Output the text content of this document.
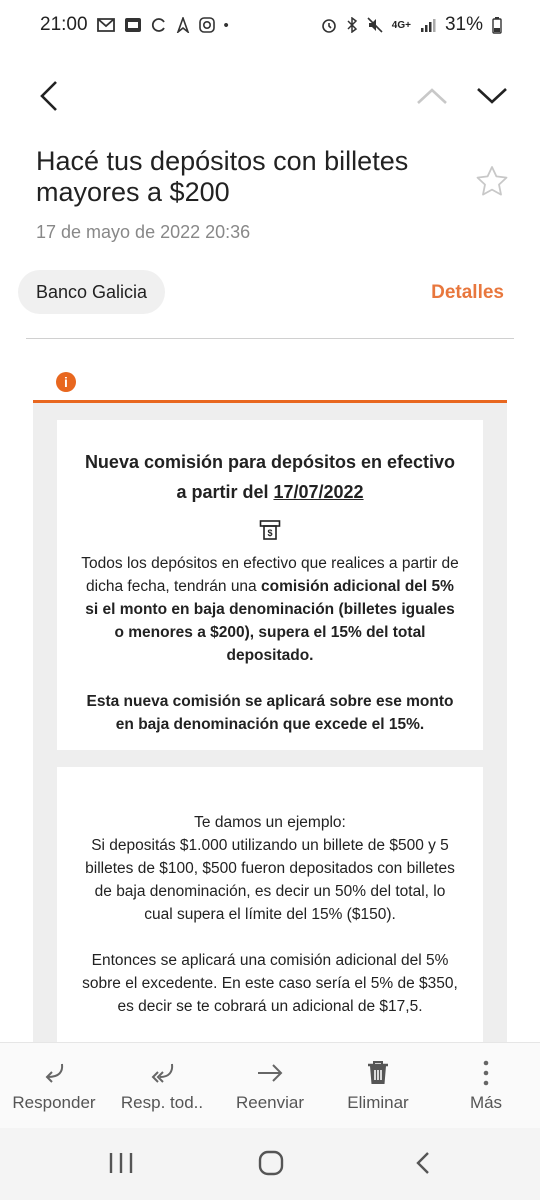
21:00	•	4G+ 31%
Hacé tus depósitos con billetes mayores a $200
17 de mayo de 2022 20:36
Banco Galicia	Detalles
i
Nueva comisión para depósitos en efectivo a partir del 17/07/2022
$

Todos los depósitos en efectivo que realices a partir de dicha fecha, tendrán una comisión adicional del 5% si el monto en baja denominación (billetes iguales o menores a $200), supera el 15% del total depositado.

Esta nueva comisión se aplicará sobre ese monto en baja denominación que excede el 15%.

Te damos un ejemplo:

Si depositás $1.000 utilizando un billete de $500 y 5 billetes de $100, $500 fueron depositados con billetes de baja denominación, es decir un 50% del total, lo cual supera el límite del 15% ($150).

Entonces se aplicará una comisión adicional del 5% sobre el excedente. En este caso sería el 5% de $350, es decir se te cobrará un adicional de $17,5.

Responder Resp. tod.. Reenviar	Eliminar	Más
